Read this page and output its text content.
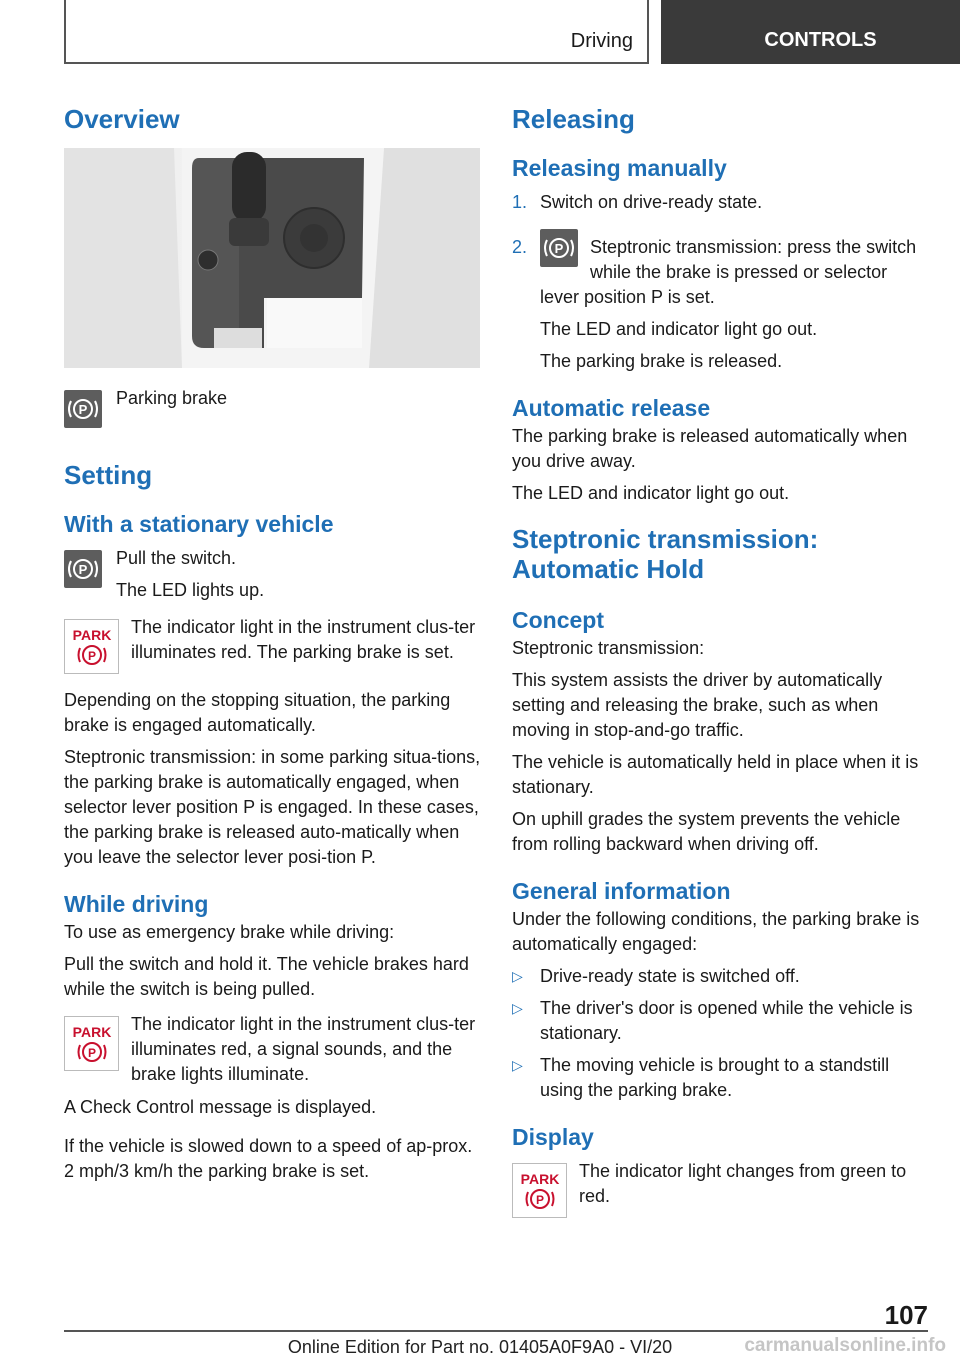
Driving	CONTROLS
Overview
P

Parking brake

Setting
With a stationary vehicle
P

Pull the switch.

The LED lights up.

PARK
P

The indicator light in the instrument clus-ter illuminates red. The parking brake is set.

Depending on the stopping situation, the parking brake is engaged automatically.

Steptronic transmission: in some parking situa-tions, the parking brake is automatically engaged, when selector lever position P is engaged. In these cases, the parking brake is released auto-matically when you leave the selector lever posi-tion P.

While driving

To use as emergency brake while driving:

Pull the switch and hold it. The vehicle brakes hard while the switch is being pulled.

PARK
P

The indicator light in the instrument clus-ter illuminates red, a signal sounds, and the brake lights illuminate.

A Check Control message is displayed.

If the vehicle is slowed down to a speed of ap-prox. 2 mph/3 km/h the parking brake is set.

Releasing
Releasing manually
1. Switch on drive-ready state.

2.	P	Steptronic transmission: press the switch while the brake is pressed or selector lever position P is set.

The LED and indicator light go out.

The parking brake is released.

Automatic release

The parking brake is released automatically when you drive away.

The LED and indicator light go out.

Steptronic transmission:
Automatic Hold
Concept

Steptronic transmission:

This system assists the driver by automatically setting and releasing the brake, such as when moving in stop-and-go traffic.

The vehicle is automatically held in place when it is stationary.

On uphill grades the system prevents the vehicle from rolling backward when driving off.

General information

Under the following conditions, the parking brake is automatically engaged:

▷ Drive-ready state is switched off.

▷ The driver's door is opened while the vehicle is stationary.

▷ The moving vehicle is brought to a standstill using the parking brake.

Display
PARK
P

The indicator light changes from green to red.

107
Online Edition for Part no. 01405A0F9A0 - VI/20	carmanualsonline.info
